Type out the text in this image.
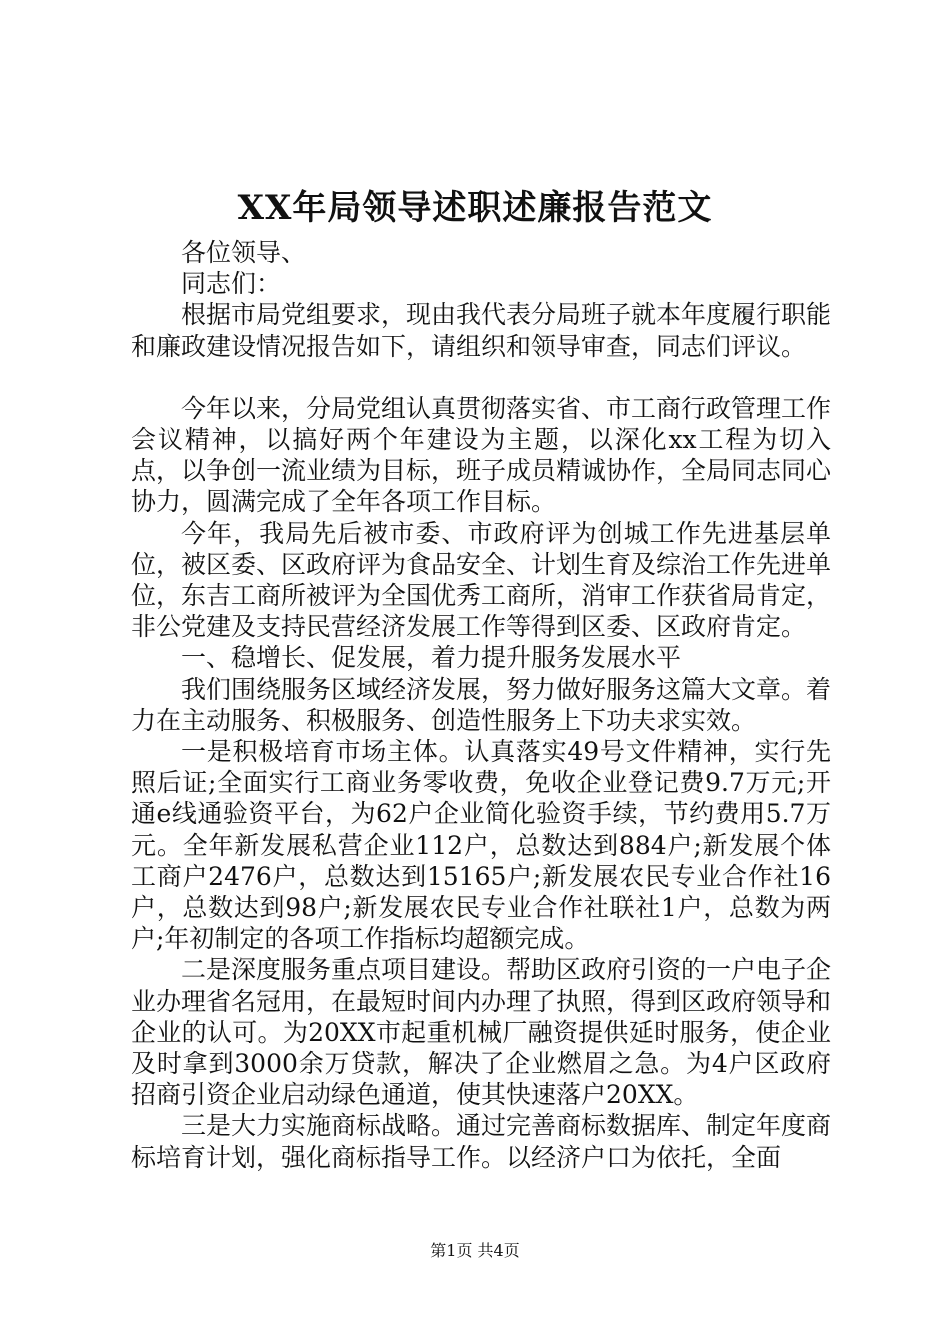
XX年局领导述职述廉报告范文

各位领导、

同志们：

根据市局党组要求，现由我代表分局班子就本年度履行职能和廉政建设情况报告如下，请组织和领导审查，同志们评议。

今年以来，分局党组认真贯彻落实省、市工商行政管理工作会议精神，以搞好两个年建设为主题，以深化xx工程为切入点，以争创一流业绩为目标，班子成员精诚协作，全局同志同心协力，圆满完成了全年各项工作目标。

今年，我局先后被市委、市政府评为创城工作先进基层单位，被区委、区政府评为食品安全、计划生育及综治工作先进单位，东吉工商所被评为全国优秀工商所，消审工作获省局肯定，非公党建及支持民营经济发展工作等得到区委、区政府肯定。

一、稳增长、促发展，着力提升服务发展水平

我们围绕服务区域经济发展，努力做好服务这篇大文章。着力在主动服务、积极服务、创造性服务上下功夫求实效。

一是积极培育市场主体。认真落实49号文件精神，实行先照后证;全面实行工商业务零收费，免收企业登记费9.7万元;开通e线通验资平台，为62户企业简化验资手续，节约费用5.7万元。全年新发展私营企业112户，总数达到884户;新发展个体工商户2476户，总数达到15165户;新发展农民专业合作社16户，总数达到98户;新发展农民专业合作社联社1户，总数为两户;年初制定的各项工作指标均超额完成。

二是深度服务重点项目建设。帮助区政府引资的一户电子企业办理省名冠用，在最短时间内办理了执照，得到区政府领导和企业的认可。为20XX市起重机械厂融资提供延时服务，使企业及时拿到3000余万贷款，解决了企业燃眉之急。为4户区政府招商引资企业启动绿色通道，使其快速落户20XX。

三是大力实施商标战略。通过完善商标数据库、制定年度商标培育计划，强化商标指导工作。以经济户口为依托，全面

第1页 共4页
